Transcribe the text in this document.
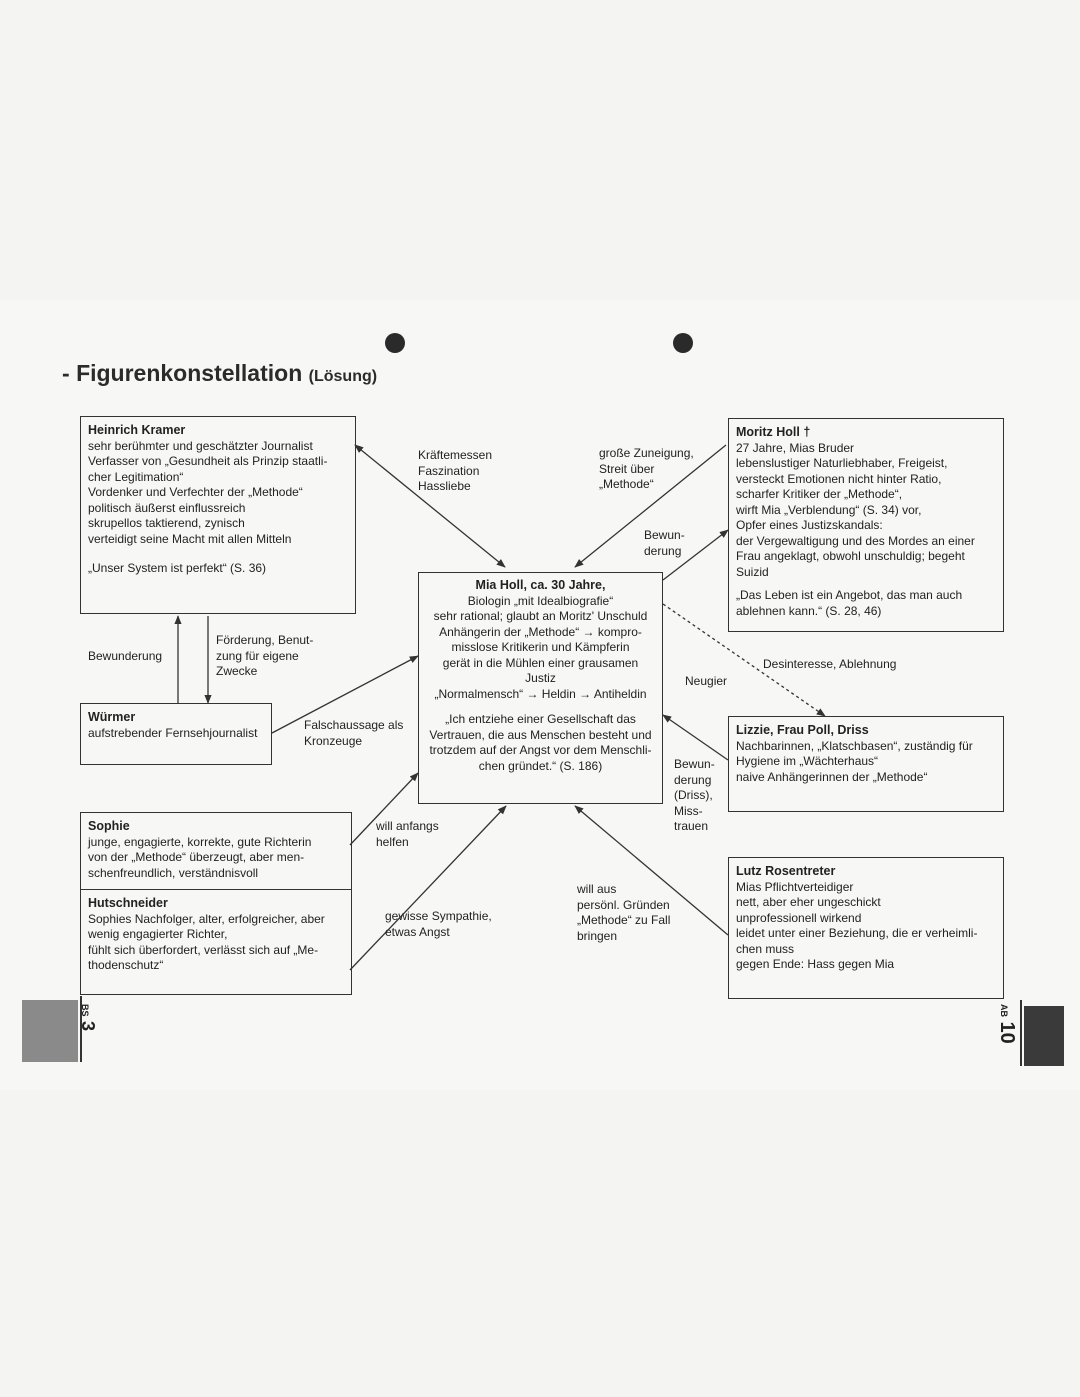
- Figurenkonstellation (Lösung)
Heinrich Kramer
sehr berühmter und geschätzter Journalist
Verfasser von „Gesundheit als Prinzip staatli-
cher Legitimation“
Vordenker und Verfechter der „Methode“
politisch äußerst einflussreich
skrupellos taktierend, zynisch
verteidigt seine Macht mit allen Mitteln
„Unser System ist perfekt“ (S. 36)
Moritz Holl †
27 Jahre, Mias Bruder
lebenslustiger Naturliebhaber, Freigeist,
versteckt Emotionen nicht hinter Ratio,
scharfer Kritiker der „Methode“,
wirft Mia „Verblendung“ (S. 34) vor,
Opfer eines Justizskandals:
der Vergewaltigung und des Mordes an einer
Frau angeklagt, obwohl unschuldig; begeht
Suizid
„Das Leben ist ein Angebot, das man auch
ablehnen kann.“ (S. 28, 46)
Mia Holl, ca. 30 Jahre,
Biologin „mit Idealbiografie“
sehr rational; glaubt an Moritz' Unschuld
Anhängerin der „Methode“ → kompro-
misslose Kritikerin und Kämpferin
gerät in die Mühlen einer grausamen
Justiz
„Normalmensch“ → Heldin → Antiheldin
„Ich entziehe einer Gesellschaft das
Vertrauen, die aus Menschen besteht und
trotzdem auf der Angst vor dem Menschli-
chen gründet.“ (S. 186)
Würmer
aufstrebender Fernsehjournalist	Lizzie, Frau Poll, Driss
Nachbarinnen, „Klatschbasen“, zuständig für
Hygiene im „Wächterhaus“
naive Anhängerinnen der „Methode“
Sophie
junge, engagierte, korrekte, gute Richterin
von der „Methode“ überzeugt, aber men-
schenfreundlich, verständnisvoll
Hutschneider
Sophies Nachfolger, alter, erfolgreicher, aber
wenig engagierter Richter,
fühlt sich überfordert, verlässt sich auf „Me-
thodenschutz“
Lutz Rosentreter
Mias Pflichtverteidiger
nett, aber eher ungeschickt
unprofessionell wirkend
leidet unter einer Beziehung, die er verheimli-
chen muss
gegen Ende: Hass gegen Mia
Kräftemessen
Faszination
Hassliebe
große Zuneigung,
Streit über
„Methode“
Bewun-
derung
Desinteresse, Ablehnung
Neugier
Bewun-
derung
(Driss),
Miss-
trauen
Bewunderung
Förderung, Benut-
zung für eigene
Zwecke
Falschaussage als
Kronzeuge
will anfangs
helfen
gewisse Sympathie,
etwas Angst
will aus
persönl. Gründen
„Methode“ zu Fall
bringen
BS 3
AB 10
